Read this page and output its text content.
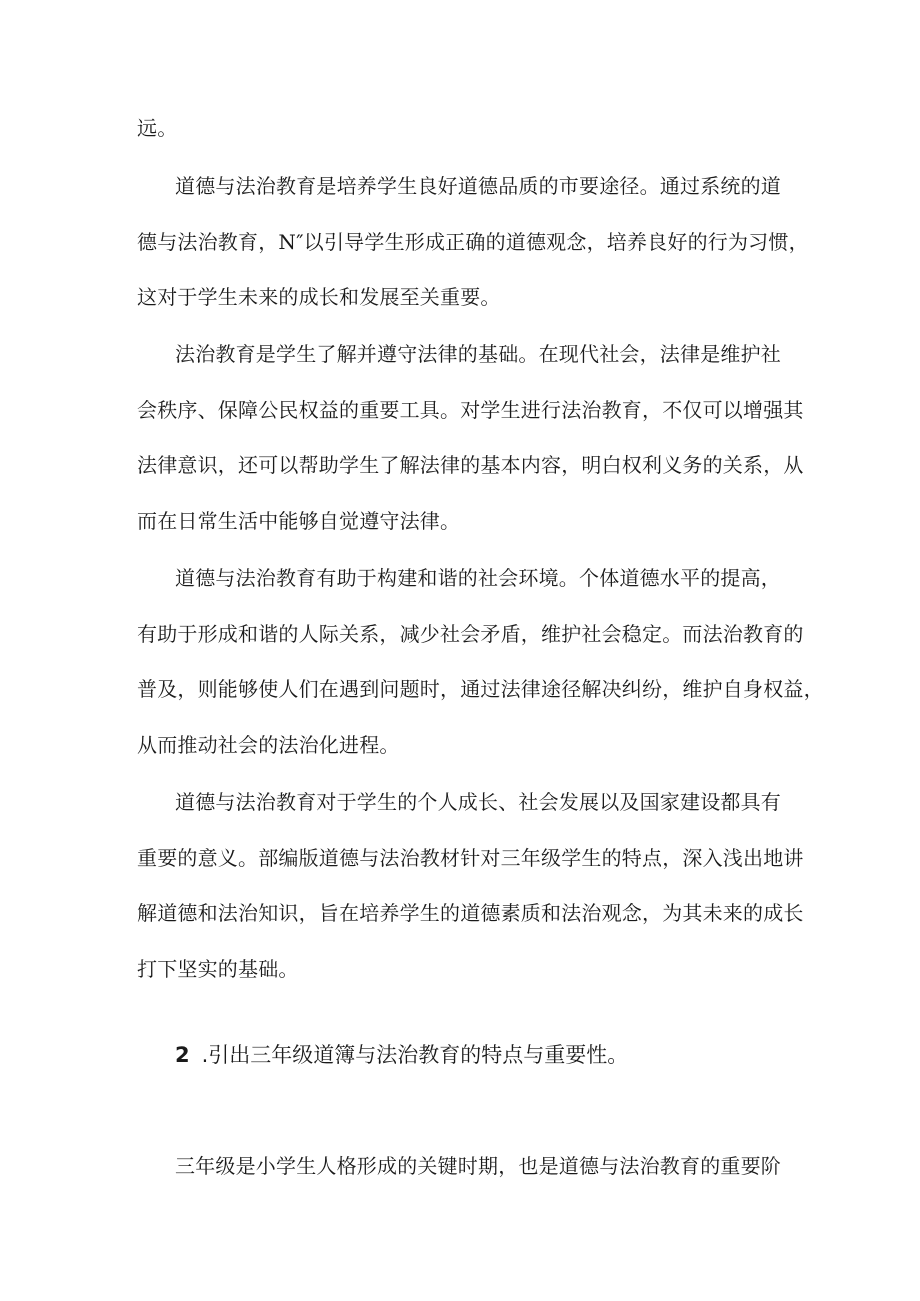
远。
道德与法治教育是培养学生良好道德品质的市要途径。通过系统的道
德与法治教育，N″以引导学生形成正确的道德观念，培养良好的行为习惯，
这对于学生未来的成长和发展至关重要。
法治教育是学生了解并遵守法律的基础。在现代社会，法律是维护社
会秩序、保障公民权益的重要工具。对学生进行法治教育，不仅可以增强其
法律意识，还可以帮助学生了解法律的基本内容，明白权利义务的关系，从
而在日常生活中能够自觉遵守法律。
道德与法治教育有助于构建和谐的社会环境。个体道德水平的提高，
有助于形成和谐的人际关系，减少社会矛盾，维护社会稳定。而法治教育的
普及，则能够使人们在遇到问题时，通过法律途径解决纠纷，维护自身权益，
从而推动社会的法治化进程。
道德与法治教育对于学生的个人成长、社会发展以及国家建设都具有
重要的意义。部编版道德与法治教材针对三年级学生的特点，深入浅出地讲
解道德和法治知识，旨在培养学生的道德素质和法治观念，为其未来的成长
打下坚实的基础。
2 .引出三年级道簿与法治教育的特点与重要性。
三年级是小学生人格形成的关键时期，也是道德与法治教育的重要阶
